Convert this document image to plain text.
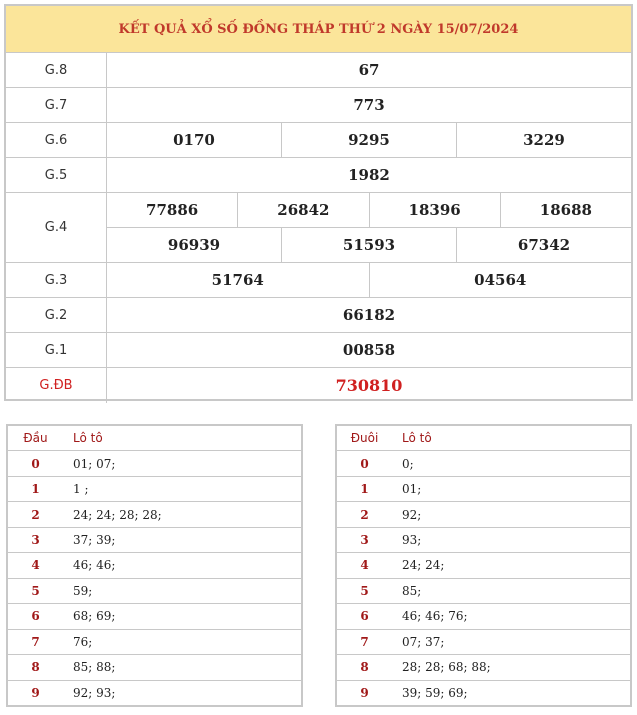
KẾT QUẢ XỔ SỐ ĐỒNG THÁP THỨ 2 NGÀY 15/07/2024
G.8	67
G.7	773
G.6	0170	9295	3229
G.5	1982
G.4
77886	26842	18396	18688
96939	51593	67342
G.3	51764	04564
G.2	66182
G.1	00858
G.ĐB	730810
Đầu	Lô tô
0	01; 07;
1	1 ;
2	24; 24; 28; 28;
3	37; 39;
4	46; 46;
5	59;
6	68; 69;
7	76;
8	85; 88;
9	92; 93;
Đuôi	Lô tô
0	0;
1	01;
2	92;
3	93;
4	24; 24;
5	85;
6	46; 46; 76;
7	07; 37;
8	28; 28; 68; 88;
9	39; 59; 69;
